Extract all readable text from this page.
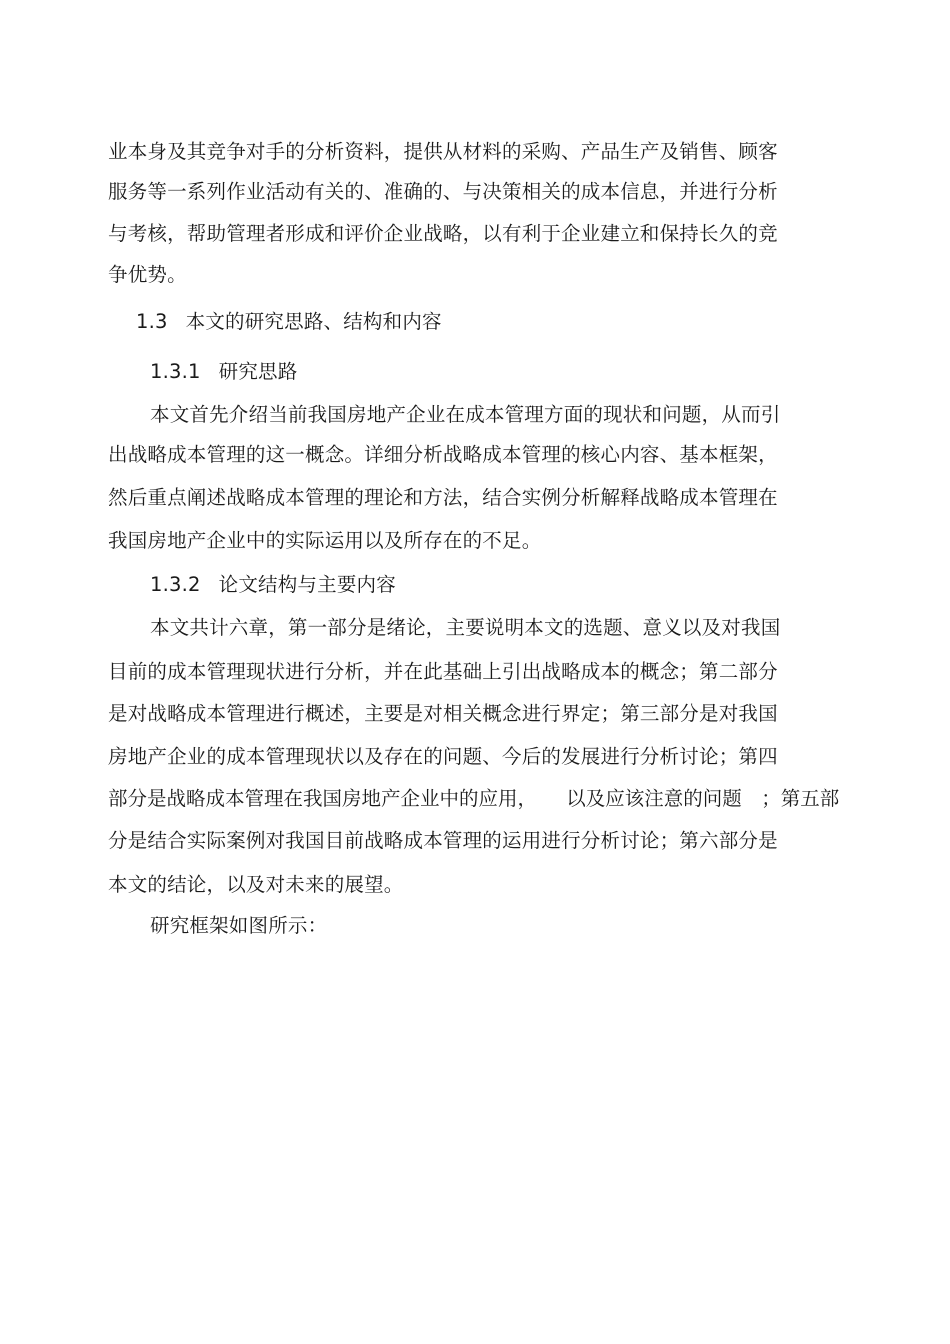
业本身及其竞争对手的分析资料，提供从材料的采购、产品生产及销售、顾客
服务等一系列作业活动有关的、准确的、与决策相关的成本信息，并进行分析
与考核，帮助管理者形成和评价企业战略，以有利于企业建立和保持长久的竞
争优势。
1.3 本文的研究思路、结构和内容
1.3.1 研究思路
本文首先介绍当前我国房地产企业在成本管理方面的现状和问题，从而引
出战略成本管理的这一概念。详细分析战略成本管理的核心内容、基本框架，
然后重点阐述战略成本管理的理论和方法，结合实例分析解释战略成本管理在
我国房地产企业中的实际运用以及所存在的不足。
1.3.2 论文结构与主要内容
本文共计六章，第一部分是绪论，主要说明本文的选题、意义以及对我国
目前的成本管理现状进行分析，并在此基础上引出战略成本的概念；第二部分
是对战略成本管理进行概述，主要是对相关概念进行界定；第三部分是对我国
房地产企业的成本管理现状以及存在的问题、今后的发展进行分析讨论；第四
部分是战略成本管理在我国房地产企业中的应用，　　以及应该注意的问题　；第五部
分是结合实际案例对我国目前战略成本管理的运用进行分析讨论；第六部分是
本文的结论，以及对未来的展望。
研究框架如图所示：
